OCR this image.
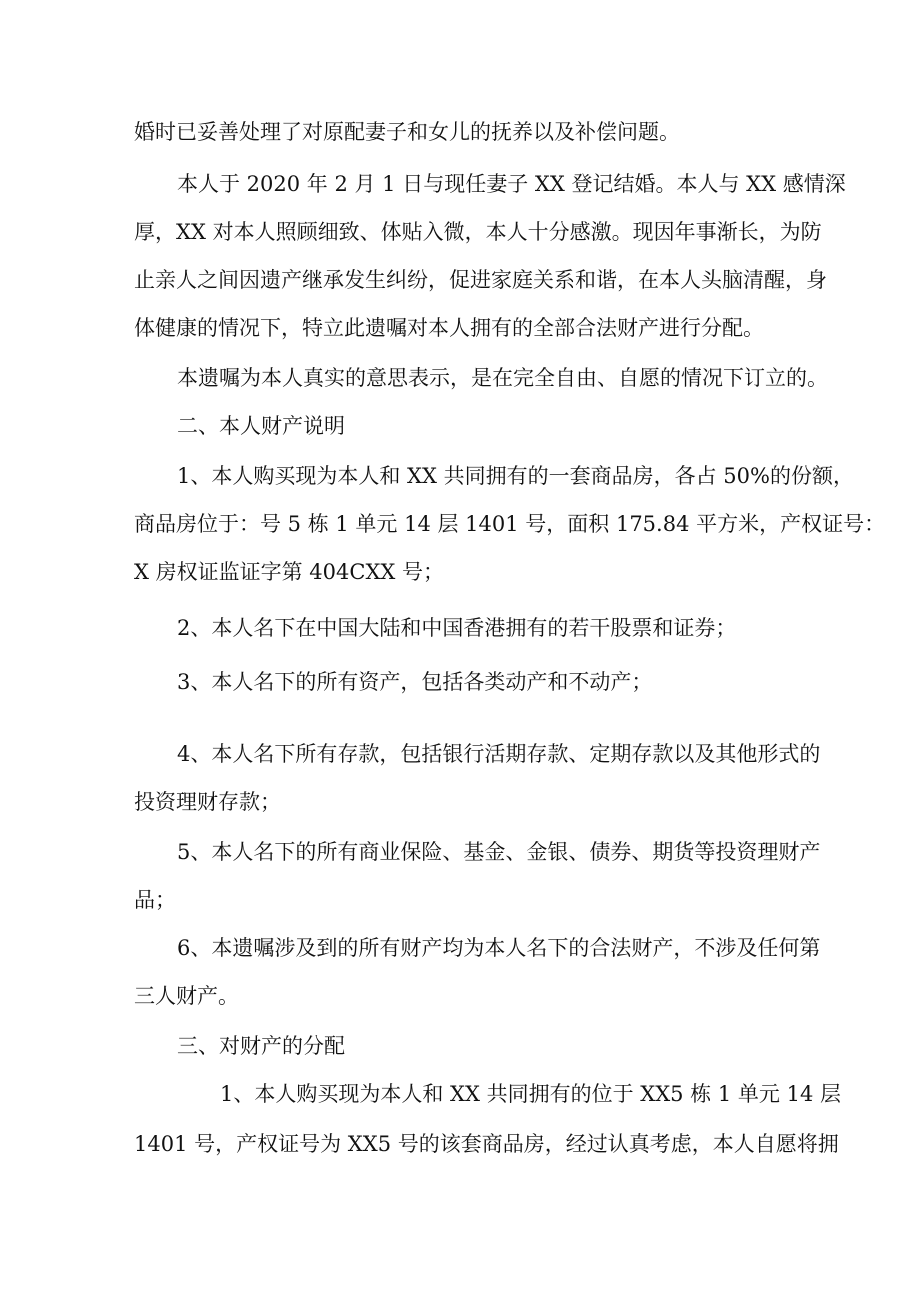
婚时已妥善处理了对原配妻子和女儿的抚养以及补偿问题。

本人于 2020 年 2 月 1 日与现任妻子 XX 登记结婚。本人与 XX 感情深

厚，XX 对本人照顾细致、体贴入微，本人十分感激。现因年事渐长，为防

止亲人之间因遗产继承发生纠纷，促进家庭关系和谐，在本人头脑清醒，身

体健康的情况下，特立此遗嘱对本人拥有的全部合法财产进行分配。

本遗嘱为本人真实的意思表示，是在完全自由、自愿的情况下订立的。

二、本人财产说明

1、本人购买现为本人和 XX 共同拥有的一套商品房，各占 50%的份额，

商品房位于：号 5 栋 1 单元 14 层 1401 号，面积 175.84 平方米，产权证号：

X 房权证监证字第 404CXX 号；

2、本人名下在中国大陆和中国香港拥有的若干股票和证券；

3、本人名下的所有资产，包括各类动产和不动产；

4、本人名下所有存款，包括银行活期存款、定期存款以及其他形式的

投资理财存款；

5、本人名下的所有商业保险、基金、金银、债券、期货等投资理财产

品；

6、本遗嘱涉及到的所有财产均为本人名下的合法财产，不涉及任何第

三人财产。

三、对财产的分配

1、本人购买现为本人和 XX 共同拥有的位于 XX5 栋 1 单元 14 层

1401 号，产权证号为 XX5 号的该套商品房，经过认真考虑，本人自愿将拥
